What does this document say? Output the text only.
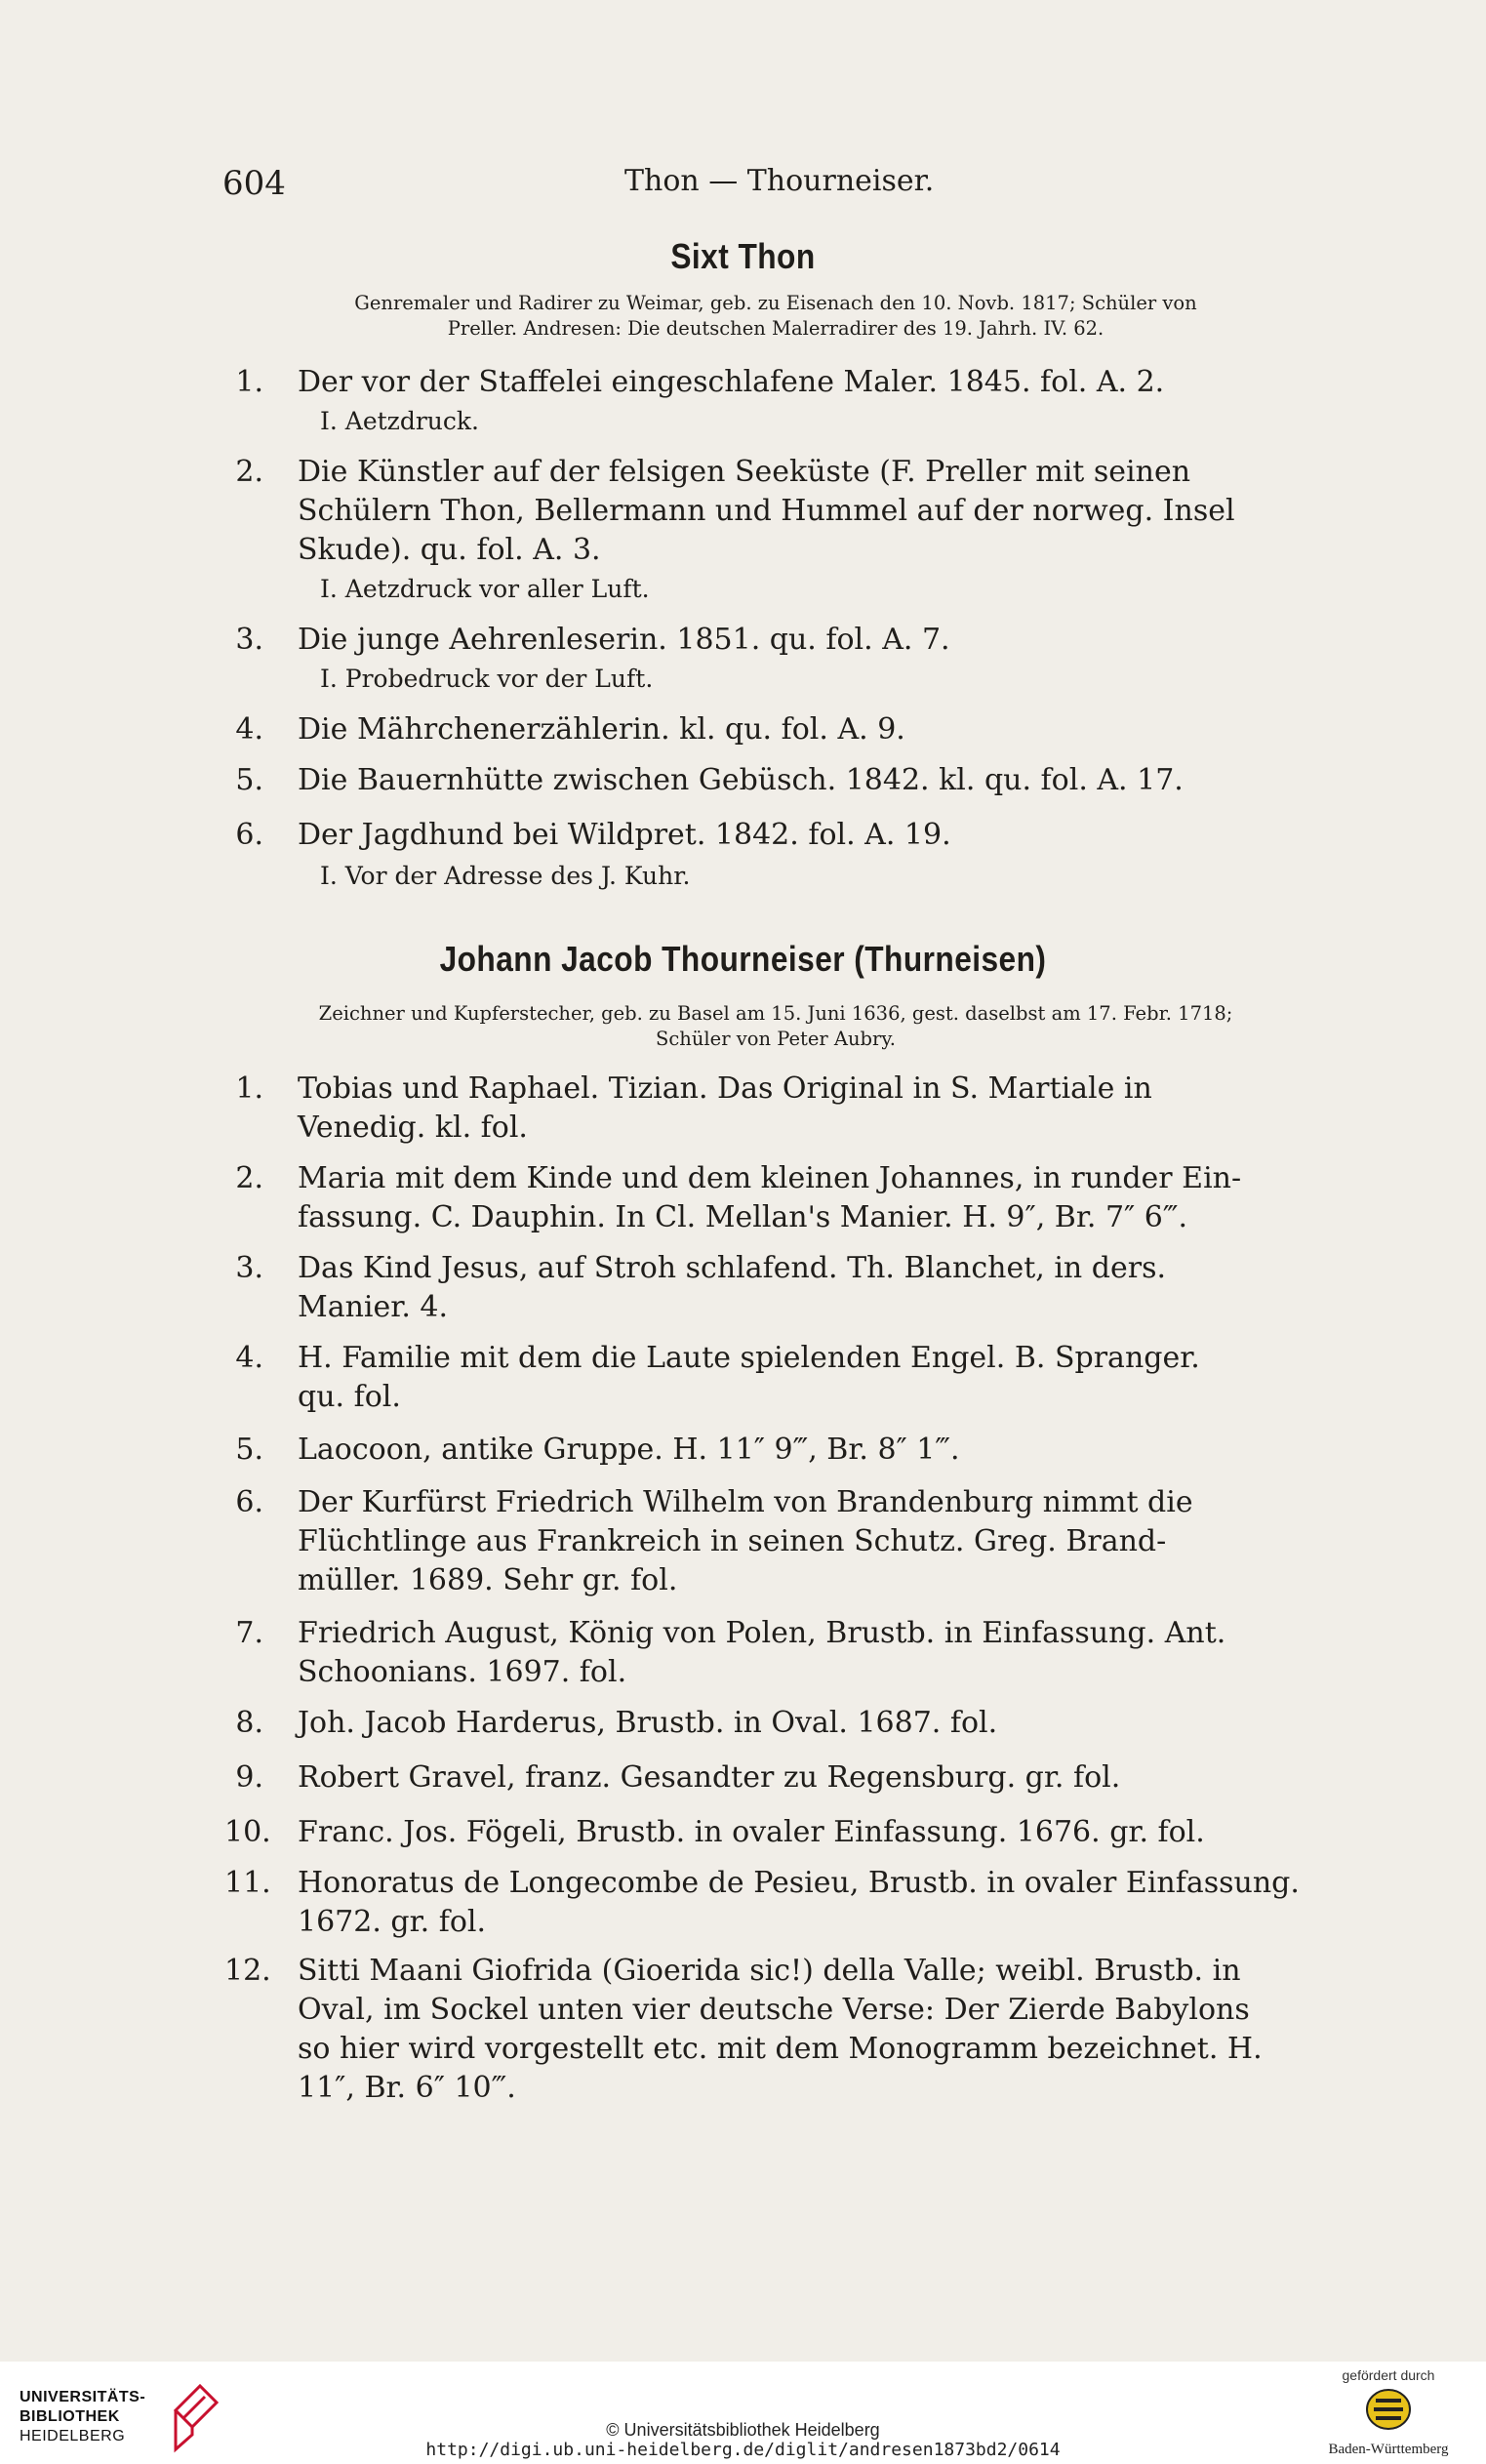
604	Thon — Thourneiser.
Sixt Thon
Genremaler und Radirer zu Weimar, geb. zu Eisenach den 10. Novb. 1817; Schüler von
Preller. Andresen: Die deutschen Malerradirer des 19. Jahrh. IV. 62.
1. Der vor der Staffelei eingeschlafene Maler. 1845. fol. A. 2.
I. Aetzdruck.
2. Die Künstler auf der felsigen Seeküste (F. Preller mit seinen
Schülern Thon, Bellermann und Hummel auf der norweg. Insel
Skude). qu. fol. A. 3.
I. Aetzdruck vor aller Luft.
3. Die junge Aehrenleserin. 1851. qu. fol. A. 7.
I. Probedruck vor der Luft.
4. Die Mährchenerzählerin. kl. qu. fol. A. 9.
5. Die Bauernhütte zwischen Gebüsch. 1842. kl. qu. fol. A. 17.
6. Der Jagdhund bei Wildpret. 1842. fol. A. 19.
I. Vor der Adresse des J. Kuhr.
Johann Jacob Thourneiser (Thurneisen)
Zeichner und Kupferstecher, geb. zu Basel am 15. Juni 1636, gest. daselbst am 17. Febr. 1718;
Schüler von Peter Aubry.
1. Tobias und Raphael. Tizian. Das Original in S. Martiale in
Venedig. kl. fol.
2. Maria mit dem Kinde und dem kleinen Johannes, in runder Ein-
fassung. C. Dauphin. In Cl. Mellan's Manier. H. 9″, Br. 7″ 6‴.
3. Das Kind Jesus, auf Stroh schlafend. Th. Blanchet, in ders.
Manier. 4.
4. H. Familie mit dem die Laute spielenden Engel. B. Spranger.
qu. fol.
5. Laocoon, antike Gruppe. H. 11″ 9‴, Br. 8″ 1‴.
6. Der Kurfürst Friedrich Wilhelm von Brandenburg nimmt die
Flüchtlinge aus Frankreich in seinen Schutz. Greg. Brand-
müller. 1689. Sehr gr. fol.
7. Friedrich August, König von Polen, Brustb. in Einfassung. Ant.
Schoonians. 1697. fol.
8. Joh. Jacob Harderus, Brustb. in Oval. 1687. fol.
9. Robert Gravel, franz. Gesandter zu Regensburg. gr. fol.
10. Franc. Jos. Fögeli, Brustb. in ovaler Einfassung. 1676. gr. fol.
11. Honoratus de Longecombe de Pesieu, Brustb. in ovaler Einfassung.
1672. gr. fol.
12. Sitti Maani Giofrida (Gioerida sic!) della Valle; weibl. Brustb. in
Oval, im Sockel unten vier deutsche Verse: Der Zierde Babylons
so hier wird vorgestellt etc. mit dem Monogramm bezeichnet. H.
11″, Br. 6″ 10‴.
UNIVERSITÄTS-
BIBLIOTHEK
HEIDELBERG	© Universitätsbibliothek Heidelberg
http://digi.ub.uni-heidelberg.de/diglit/andresen1873bd2/0614
gefördert durch
Baden-Württemberg
